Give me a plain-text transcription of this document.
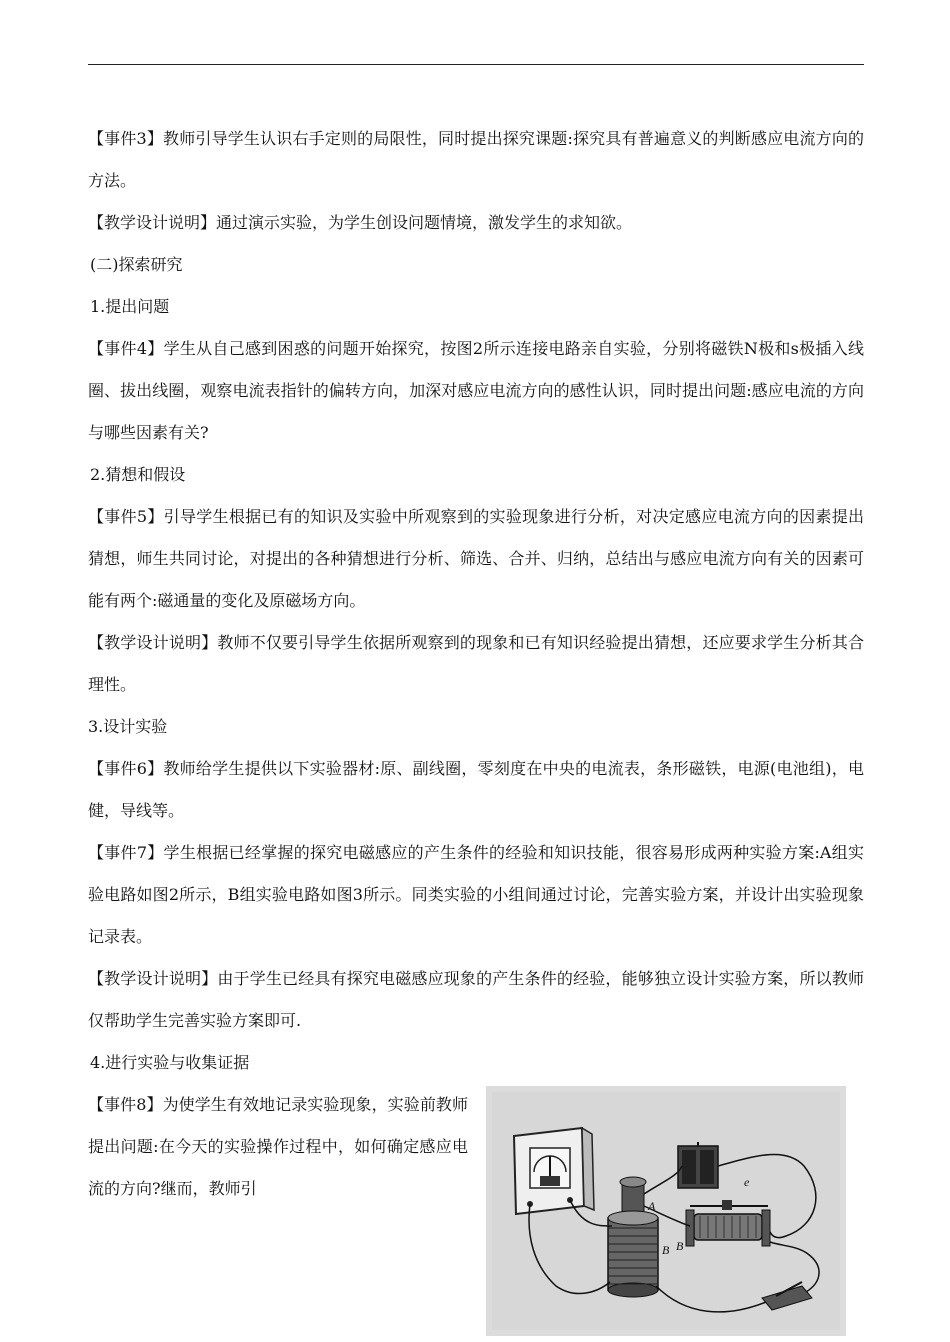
【事件3】教师引导学生认识右手定则的局限性，同时提出探究课题:探究具有普遍意义的判断感应电流方向的方法。

【教学设计说明】通过演示实验，为学生创设问题情境，激发学生的求知欲。

(二)探索研究

1.提出问题

【事件4】学生从自己感到困惑的问题开始探究，按图2所示连接电路亲自实验，分别将磁铁N极和s极插入线圈、拔出线圈，观察电流表指针的偏转方向，加深对感应电流方向的感性认识，同时提出问题:感应电流的方向与哪些因素有关?

2.猜想和假设

【事件5】引导学生根据已有的知识及实验中所观察到的实验现象进行分析，对决定感应电流方向的因素提出猜想，师生共同讨论，对提出的各种猜想进行分析、筛选、合并、归纳，总结出与感应电流方向有关的因素可能有两个:磁通量的变化及原磁场方向。

【教学设计说明】教师不仅要引导学生依据所观察到的现象和已有知识经验提出猜想，还应要求学生分析其合理性。

3.设计实验

【事件6】教师给学生提供以下实验器材:原、副线圈，零刻度在中央的电流表，条形磁铁，电源(电池组)，电健，导线等。

【事件7】学生根据已经掌握的探究电磁感应的产生条件的经验和知识技能，很容易形成两种实验方案:A组实验电路如图2所示，B组实验电路如图3所示。同类实验的小组间通过讨论，完善实验方案，并设计出实验现象记录表。

【教学设计说明】由于学生已经具有探究电磁感应现象的产生条件的经验，能够独立设计实验方案，所以教师仅帮助学生完善实验方案即可.

4.进行实验与收集证据

【事件8】为使学生有效地记录实验现象，实验前教师提出问题:在今天的实验操作过程中，如何确定感应电流的方向?继而，教师引

A
B B
e
